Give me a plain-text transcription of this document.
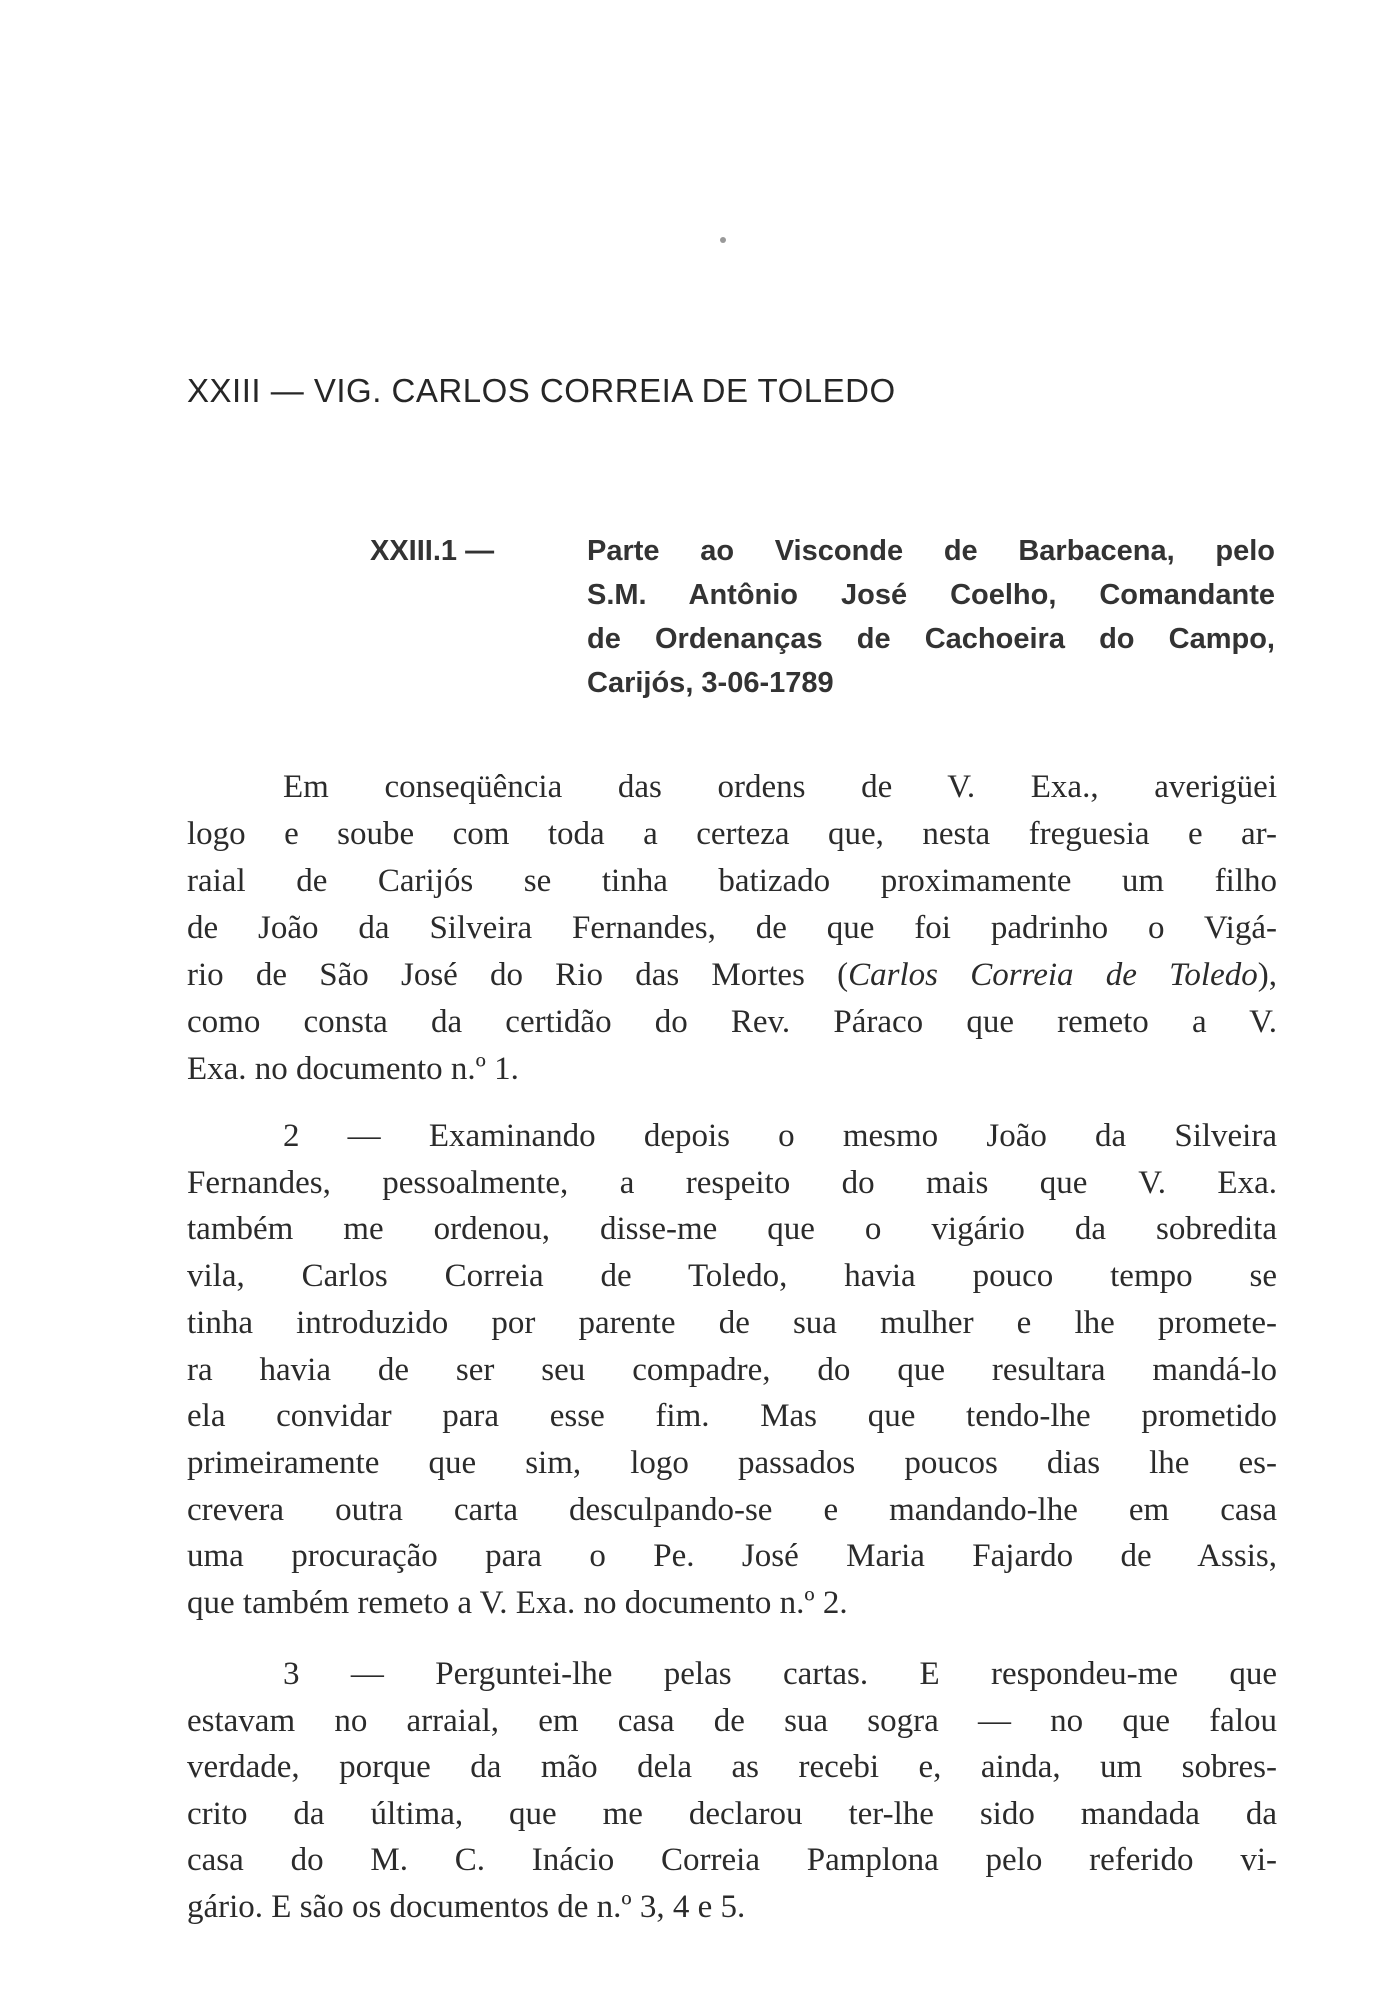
XXIII — VIG. CARLOS CORREIA DE TOLEDO
XXIII.1 —	Parte ao Visconde de Barbacena, pelo
S.M. Antônio José Coelho, Comandante
de Ordenanças de Cachoeira do Campo,
Carijós, 3-06-1789
Em conseqüência das ordens de V. Exa., averigüei
logo e soube com toda a certeza que, nesta freguesia e ar-
raial de Carijós se tinha batizado proximamente um filho
de João da Silveira Fernandes, de que foi padrinho o Vigá-
rio de São José do Rio das Mortes (Carlos Correia de Toledo),
como consta da certidão do Rev. Páraco que remeto a V.
Exa. no documento n.º 1.
2 — Examinando depois o mesmo João da Silveira
Fernandes, pessoalmente, a respeito do mais que V. Exa.
também me ordenou, disse-me que o vigário da sobredita
vila, Carlos Correia de Toledo, havia pouco tempo se
tinha introduzido por parente de sua mulher e lhe promete-
ra havia de ser seu compadre, do que resultara mandá-lo
ela convidar para esse fim. Mas que tendo-lhe prometido
primeiramente que sim, logo passados poucos dias lhe es-
crevera outra carta desculpando-se e mandando-lhe em casa
uma procuração para o Pe. José Maria Fajardo de Assis,
que também remeto a V. Exa. no documento n.º 2.
3 — Perguntei-lhe pelas cartas. E respondeu-me que
estavam no arraial, em casa de sua sogra — no que falou
verdade, porque da mão dela as recebi e, ainda, um sobres-
crito da última, que me declarou ter-lhe sido mandada da
casa do M. C. Inácio Correia Pamplona pelo referido vi-
gário. E são os documentos de n.º 3, 4 e 5.
